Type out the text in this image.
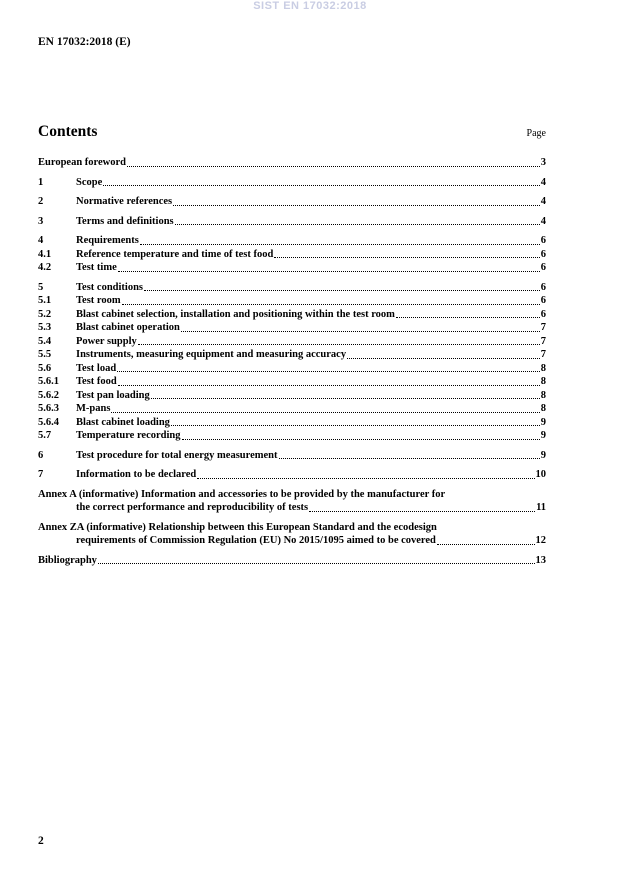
SIST EN 17032:2018
EN 17032:2018 (E)
Contents	Page
European foreword	3
1	Scope	4
2	Normative references	4
3	Terms and definitions	4
4	Requirements	6
4.1	Reference temperature and time of test food	6
4.2	Test time	6
5	Test conditions	6
5.1	Test room	6
5.2	Blast cabinet selection, installation and positioning within the test room	6
5.3	Blast cabinet operation	7
5.4	Power supply	7
5.5	Instruments, measuring equipment and measuring accuracy	7
5.6	Test load	8
5.6.1	Test food	8
5.6.2	Test pan loading	8
5.6.3	M-pans	8
5.6.4	Blast cabinet loading	9
5.7	Temperature recording	9
6	Test procedure for total energy measurement	9
7	Information to be declared	10
Annex A (informative) Information and accessories to be provided by the manufacturer for
the correct performance and reproducibility of tests	11
Annex ZA (informative) Relationship between this European Standard and the ecodesign
requirements of Commission Regulation (EU) No 2015/1095 aimed to be covered	12
Bibliography	13
2
